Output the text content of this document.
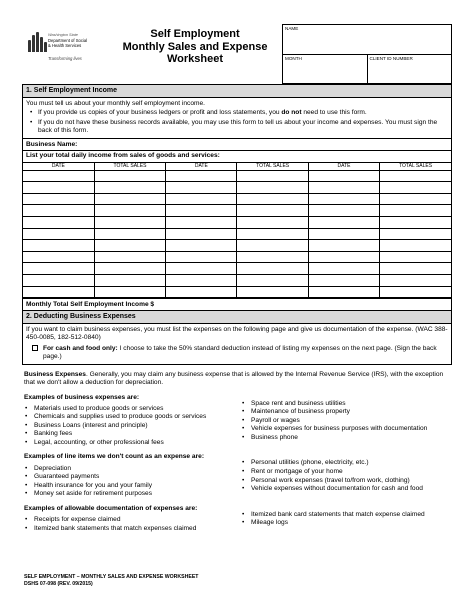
Washington State
Department of Social
& Health Services
Transforming lives
Self Employment
Monthly Sales and Expense
Worksheet
NAME
MONTH	CLIENT ID NUMBER
1. Self Employment Income

You must tell us about your monthly self employment income.

• If you provide us copies of your business ledgers or profit and loss statements, you do not need to use this form.
• If you do not have these business records available, you may use this form to tell us about your income and expenses. You must sign the back of this form.
Business Name:
List your total daily income from sales of goods and services:
DATE	TOTAL SALES	DATE	TOTAL SALES	DATE	TOTAL SALES

Monthly Total Self Employment Income $
2. Deducting Business Expenses

If you want to claim business expenses, you must list the expenses on the following page and give us documentation of the expense. (WAC 388-450-0085, 182-512-0840)

For cash and food only: I choose to take the 50% standard deduction instead of listing my expenses on the next page. (Sign the back page.)

Business Expenses. Generally, you may claim any business expense that is allowed by the Internal Revenue Service (IRS), with the exception that we don't allow a deduction for depreciation.

Examples of business expenses are:
•	Materials used to produce goods or services
•	Chemicals and supplies used to produce goods or services
•	Business Loans (interest and principle)
•	Banking fees
•	Legal, accounting, or other professional fees
•	Space rent and business utilities
•	Maintenance of business property
•	Payroll or wages
•	Vehicle expenses for business purposes with documentation
•	Business phone
Examples of line items we don't count as an expense are:
•	Depreciation
•	Guaranteed payments
•	Health insurance for you and your family
•	Money set aside for retirement purposes
•	Personal utilities (phone, electricity, etc.)
•	Rent or mortgage of your home
•	Personal work expenses (travel to/from work, clothing)
•	Vehicle expenses without documentation for cash and food
Examples of allowable documentation of expenses are:
•	Receipts for expense claimed
•	Itemized bank statements that match expenses claimed
•	Itemized bank card statements that match expense claimed
•	Mileage logs
SELF EMPLOYMENT – MONTHLY SALES AND EXPENSE WORKSHEET
DSHS 07-098 (REV. 09/2015)
